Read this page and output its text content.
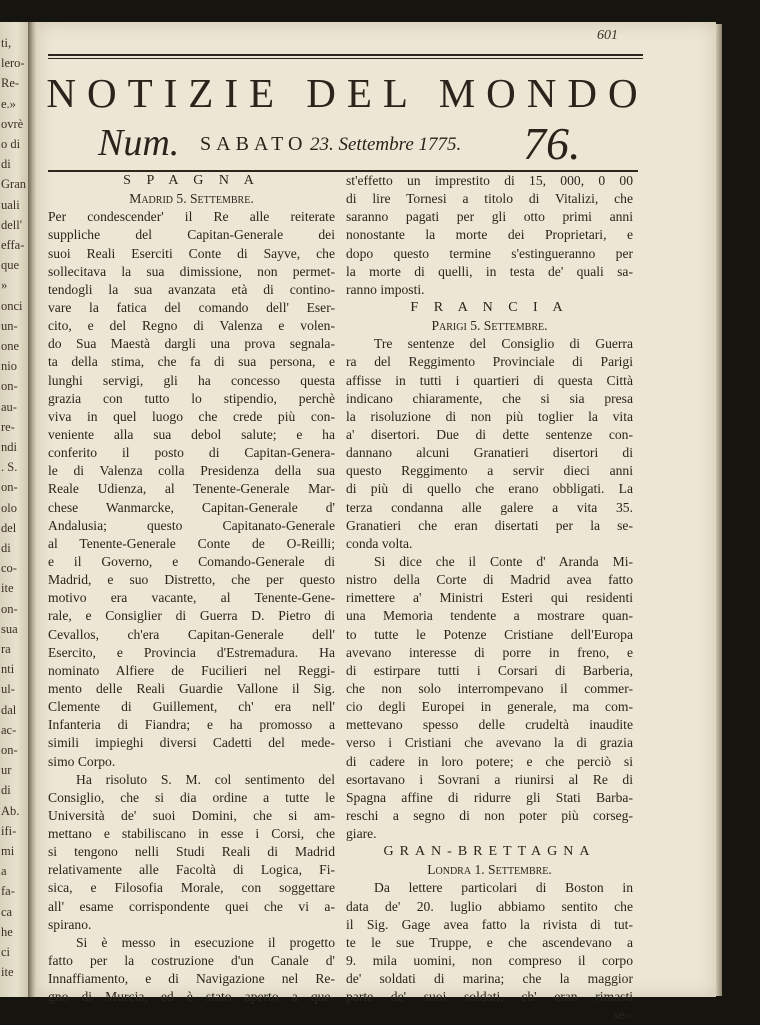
ti,
lero-
Re-
e.»
ovrè
o di
di
Gran
uali
dell'
effa-
que
»
onci
un-
one
nio
on-
au-
re-
ndi
. S.
on-
olo
del
di
co-
ite
on-
sua
ra
nti
ul-
dal
ac-
on-
ur
di
Ab.
ifi-
mi
a
fa-
ca
he
ci
ite
601
NOTIZIE DEL MONDO
Num. SABATO 23. Settembre 1775. 76.
S P A G N A
Madrid 5. Settembre.
Per condescender' il Re alle reiterate
suppliche del Capitan-Generale dei
suoi Reali Eserciti Conte di Sayve, che
sollecitava la sua dimissione, non permet-
tendogli la sua avanzata età di contino-
vare la fatica del comando dell' Eser-
cito, e del Regno di Valenza e volen-
do Sua Maestà dargli una prova segnala-
ta della stima, che fa di sua persona, e
lunghi servigi, gli ha concesso questa
grazia con tutto lo stipendio, perchè
viva in quel luogo che crede più con-
veniente alla sua debol salute; e ha
conferito il posto di Capitan-Genera-
le di Valenza colla Presidenza della sua
Reale Udienza, al Tenente-Generale Mar-
chese Wanmarcke, Capitan-Generale d'
Andalusia; questo Capitanato-Generale
al Tenente-Generale Conte de O-Reilli;
e il Governo, e Comando-Generale di
Madrid, e suo Distretto, che per questo
motivo era vacante, al Tenente-Gene-
rale, e Consiglier di Guerra D. Pietro di
Cevallos, ch'era Capitan-Generale dell'
Esercito, e Provincia d'Estremadura. Ha
nominato Alfiere de Fucilieri nel Reggi-
mento delle Reali Guardie Vallone il Sig.
Clemente di Guillement, ch' era nell'
Infanteria di Fiandra; e ha promosso a
simili impieghi diversi Cadetti del mede-
simo Corpo.
Ha risoluto S. M. col sentimento del
Consiglio, che si dia ordine a tutte le
Università de' suoi Domini, che si am-
mettano e stabiliscano in esse i Corsi, che
si tengono nelli Studi Reali di Madrid
relativamente alle Facoltà di Logica, Fi-
sica, e Filosofia Morale, con soggettare
all' esame corrispondente quei che vi a-
spirano.
Si è messo in esecuzione il progetto
fatto per la costruzione d'un Canale d'
Innaffiamento, e di Navigazione nel Re-
gno di Murcia, ed è stato aperto a que-
st'effetto un imprestito di 15, 000, 0 00
di lire Tornesi a titolo di Vitalizi, che
saranno pagati per gli otto primi anni
nonostante la morte dei Proprietari, e
dopo questo termine s'estingueranno per
la morte di quelli, in testa de' quali sa-
ranno imposti.
F R A N C I A
Parigi 5. Settembre.
Tre sentenze del Consiglio di Guerra
ra del Reggimento Provinciale di Parigi
affisse in tutti i quartieri di questa Città
indicano chiaramente, che si sia presa
la risoluzione di non più toglier la vita
a' disertori. Due di dette sentenze con-
dannano alcuni Granatieri disertori di
questo Reggimento a servir dieci anni
di più di quello che erano obbligati. La
terza condanna alle galere a vita 35.
Granatieri che eran disertati per la se-
conda volta.
Si dice che il Conte d' Aranda Mi-
nistro della Corte di Madrid avea fatto
rimettere a' Ministri Esteri qui residenti
una Memoria tendente a mostrare quan-
to tutte le Potenze Cristiane dell'Europa
avevano interesse di porre in freno, e
di estirpare tutti i Corsari di Barberia,
che non solo interrompevano il commer-
cio degli Europei in generale, ma com-
mettevano spesso delle crudeltà inaudite
verso i Cristiani che avevano la di grazia
di cadere in loro potere; e che perciò si
esortavano i Sovrani a riunirsi al Re di
Spagna affine di ridurre gli Stati Barba-
reschi a segno di non poter più corseg-
giare.
GRAN-BRETTAGNA
Londra 1. Settembre.
Da lettere particolari di Boston in
data de' 20. luglio abbiamo sentito che
il Sig. Gage avea fatto la rivista di tut-
te le sue Truppe, e che ascendevano a
9. mila uomini, non compreso il corpo
de' soldati di marina; che la maggior
parte de' suoi soldati, ch' eran rimasti
se-
